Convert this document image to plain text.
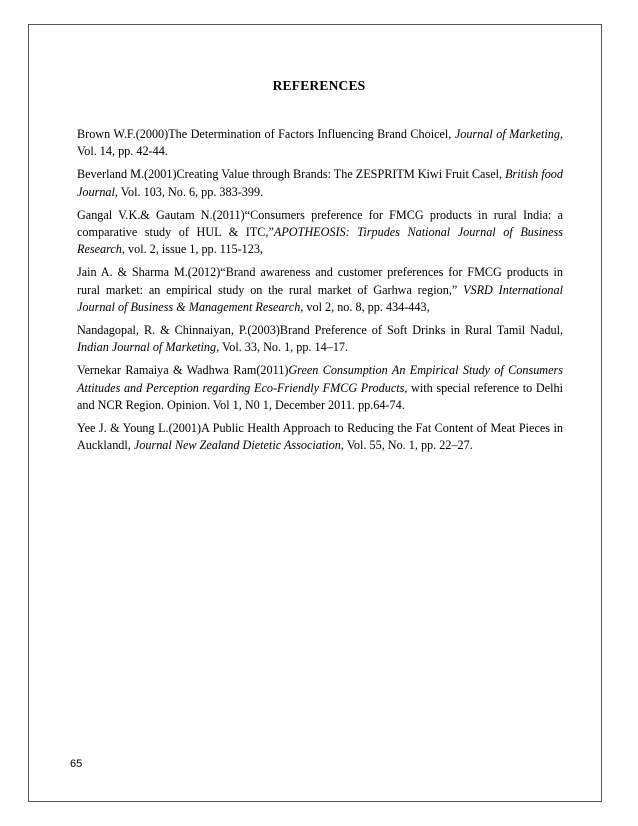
REFERENCES

Brown W.F.(2000)The Determination of Factors Influencing Brand Choicel, Journal of Marketing, Vol. 14, pp. 42-44.

Beverland M.(2001)Creating Value through Brands: The ZESPRITM Kiwi Fruit Casel, British food Journal, Vol. 103, No. 6, pp. 383-399.

Gangal V.K.& Gautam N.(2011)“Consumers preference for FMCG products in rural India: a comparative study of HUL & ITC,”APOTHEOSIS: Tirpudes National Journal of Business Research, vol. 2, issue 1, pp. 115-123,

Jain A. & Sharma M.(2012)“Brand awareness and customer preferences for FMCG products in rural market: an empirical study on the rural market of Garhwa region,” VSRD International Journal of Business & Management Research, vol 2, no. 8, pp. 434-443,

Nandagopal, R. & Chinnaiyan, P.(2003)Brand Preference of Soft Drinks in Rural Tamil Nadul, Indian Journal of Marketing, Vol. 33, No. 1, pp. 14–17.

Vernekar Ramaiya & Wadhwa Ram(2011)Green Consumption An Empirical Study of Consumers Attitudes and Perception regarding Eco-Friendly FMCG Products, with special reference to Delhi and NCR Region. Opinion. Vol 1, N0 1, December 2011. pp.64-74.

Yee J. & Young L.(2001)A Public Health Approach to Reducing the Fat Content of Meat Pieces in Aucklandl, Journal New Zealand Dietetic Association, Vol. 55, No. 1, pp. 22–27.

65
